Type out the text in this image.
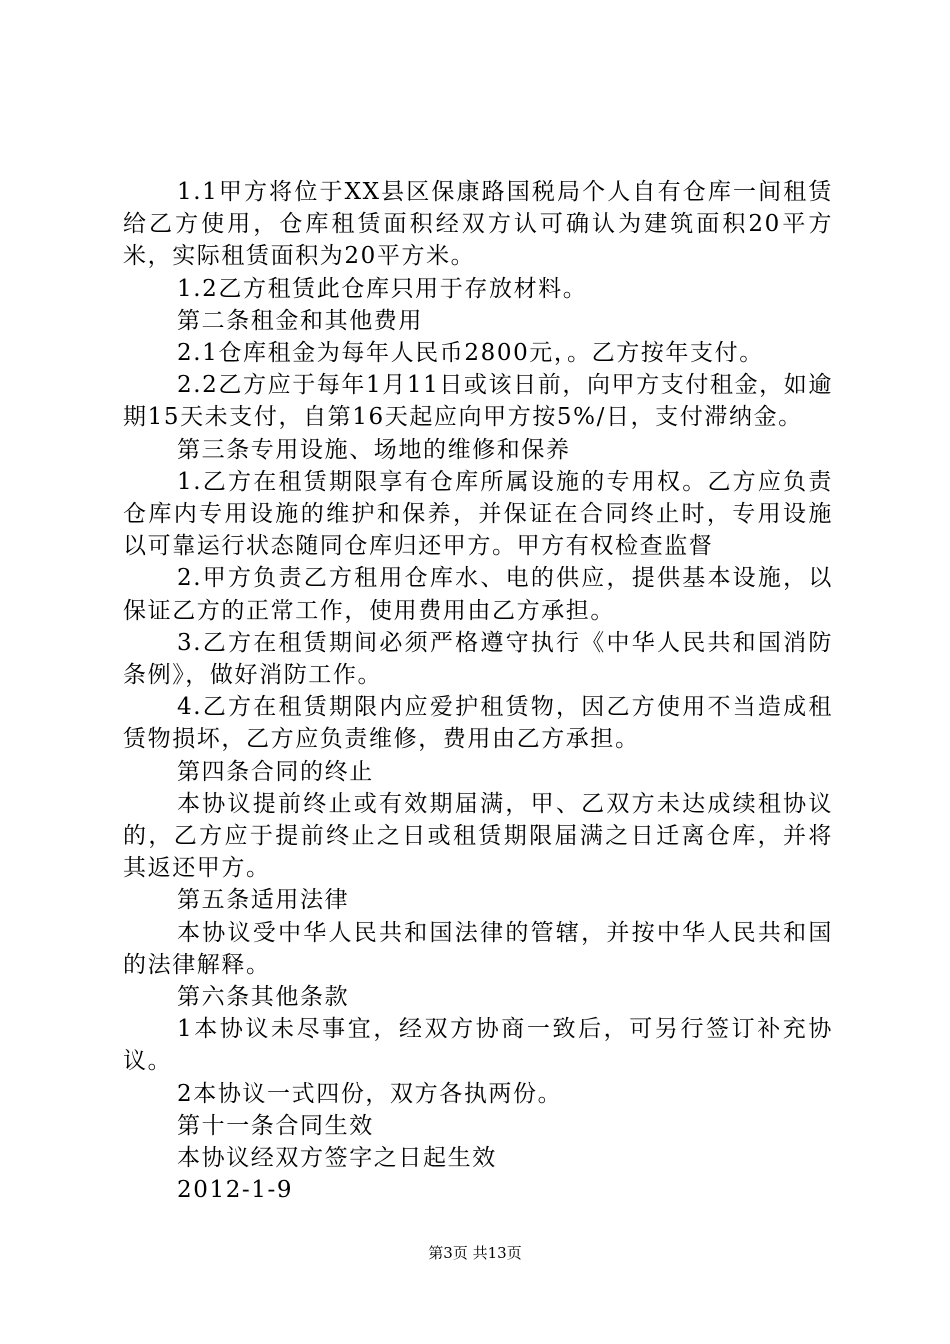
1.1甲方将位于XX县区保康路国税局个人自有仓库一间租赁给乙方使用，仓库租赁面积经双方认可确认为建筑面积20平方米，实际租赁面积为20平方米。

1.2乙方租赁此仓库只用于存放材料。

第二条租金和其他费用

2.1仓库租金为每年人民币2800元，。乙方按年支付。

2.2乙方应于每年1月11日或该日前，向甲方支付租金，如逾期15天未支付，自第16天起应向甲方按5%/日，支付滞纳金。

第三条专用设施、场地的维修和保养

1.乙方在租赁期限享有仓库所属设施的专用权。乙方应负责仓库内专用设施的维护和保养，并保证在合同终止时，专用设施以可靠运行状态随同仓库归还甲方。甲方有权检查监督

2.甲方负责乙方租用仓库水、电的供应，提供基本设施，以保证乙方的正常工作，使用费用由乙方承担。

3.乙方在租赁期间必须严格遵守执行《中华人民共和国消防条例》，做好消防工作。

4.乙方在租赁期限内应爱护租赁物，因乙方使用不当造成租赁物损坏，乙方应负责维修，费用由乙方承担。

第四条合同的终止

本协议提前终止或有效期届满，甲、乙双方未达成续租协议的，乙方应于提前终止之日或租赁期限届满之日迁离仓库，并将其返还甲方。

第五条适用法律

本协议受中华人民共和国法律的管辖，并按中华人民共和国的法律解释。

第六条其他条款

1本协议未尽事宜，经双方协商一致后，可另行签订补充协议。

2本协议一式四份，双方各执两份。

第十一条合同生效

本协议经双方签字之日起生效

2012-1-9

第3页 共13页
